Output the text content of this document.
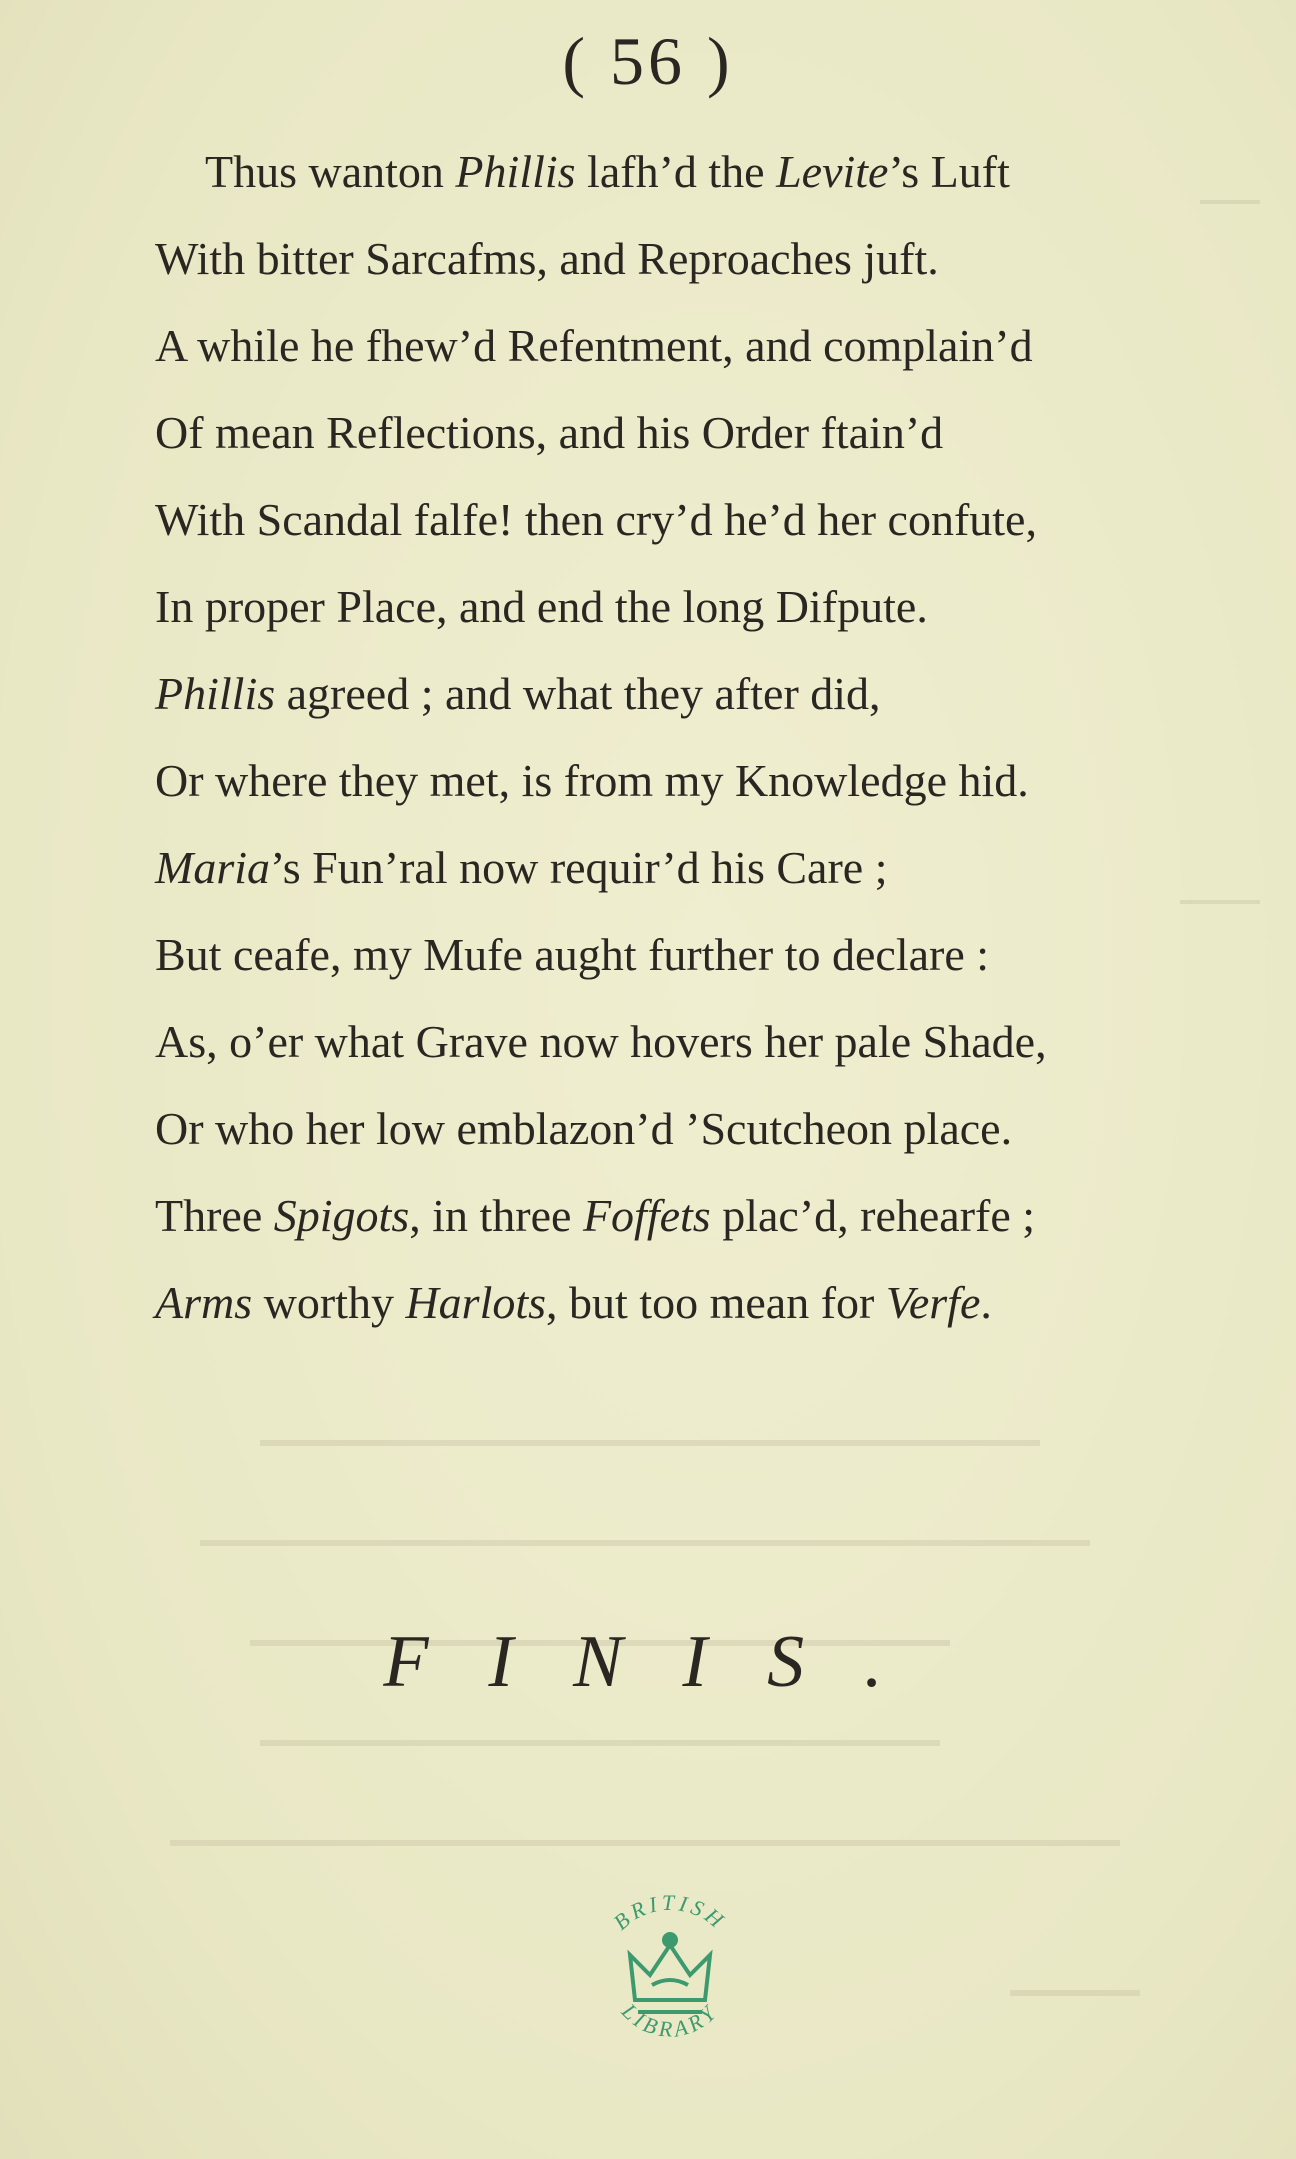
( 56 )
Thus wanton Phillis lafh’d the Levite’s Luft
With bitter Sarcafms, and Reproaches juft.
A while he fhew’d Refentment, and complain’d
Of mean Reflections, and his Order ftain’d
With Scandal falfe! then cry’d he’d her confute,
In proper Place, and end the long Difpute.
Phillis agreed ; and what they after did,
Or where they met, is from my Knowledge hid.
Maria’s Fun’ral now requir’d his Care ;
But ceafe, my Mufe aught further to declare :
As, o’er what Grave now hovers her pale Shade,
Or who her low emblazon’d ’Scutcheon place.
Three Spigots, in three Foffets plac’d, rehearfe ;
Arms worthy Harlots, but too mean for Verfe.
FINIS.
BRITISH
LIBRARY
